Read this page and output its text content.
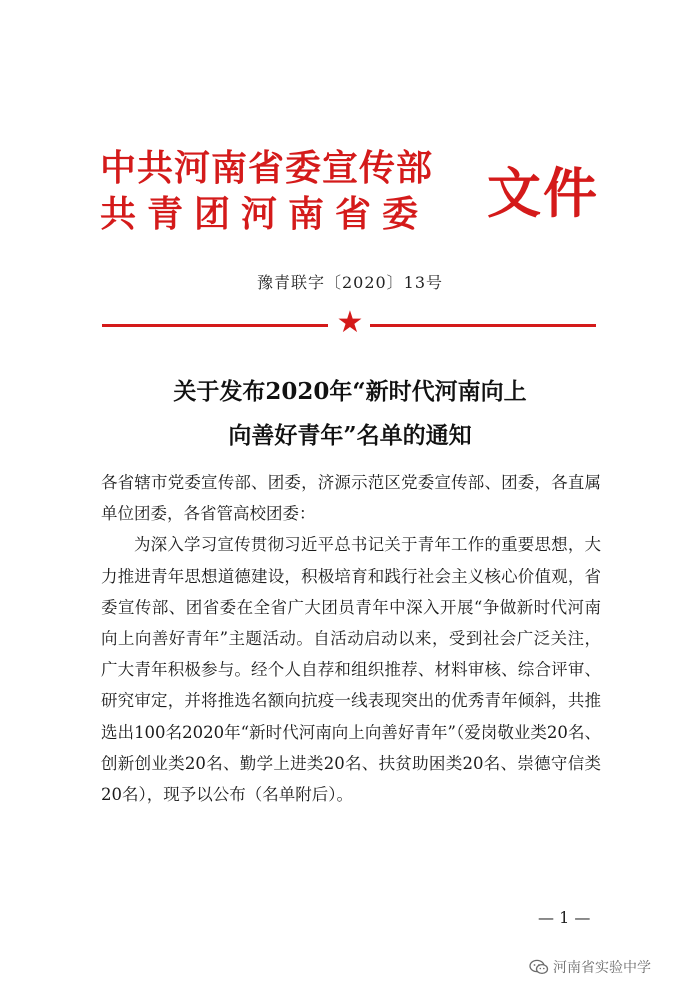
中共河南省委宣传部
共青团河南省委	文件
豫青联字〔2020〕13号
★
关于发布2020年“新时代河南向上
向善好青年”名单的通知

各省辖市党委宣传部、团委，济源示范区党委宣传部、团委，各直属单位团委，各省管高校团委：

为深入学习宣传贯彻习近平总书记关于青年工作的重要思想，大力推进青年思想道德建设，积极培育和践行社会主义核心价值观，省委宣传部、团省委在全省广大团员青年中深入开展“争做新时代河南向上向善好青年”主题活动。自活动启动以来，受到社会广泛关注，广大青年积极参与。经个人自荐和组织推荐、材料审核、综合评审、研究审定，并将推选名额向抗疫一线表现突出的优秀青年倾斜，共推选出100名2020年“新时代河南向上向善好青年”（爱岗敬业类20名、创新创业类20名、勤学上进类20名、扶贫助困类20名、崇德守信类20名），现予以公布（名单附后）。

— 1 —
河南省实验中学
